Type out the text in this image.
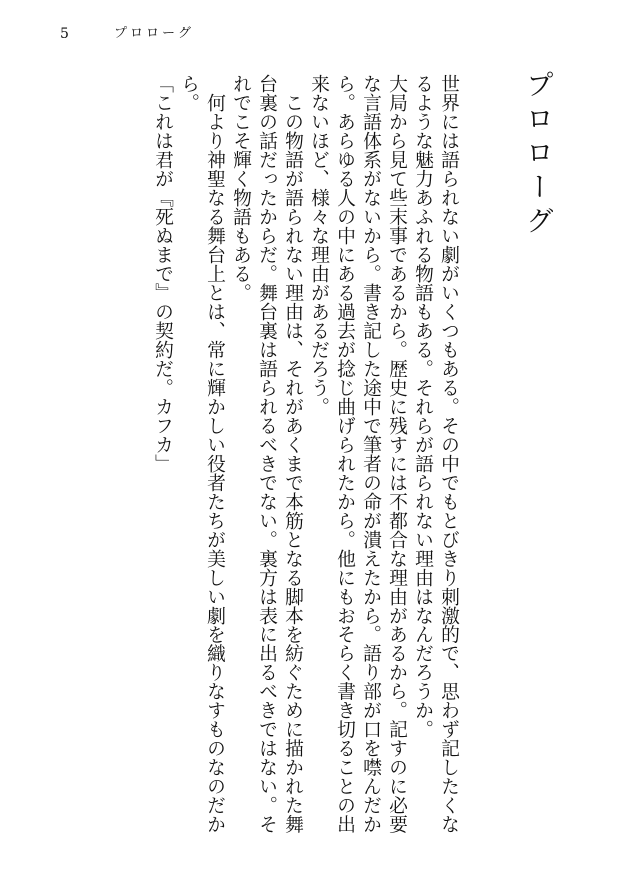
5	プロローグ
プロローグ

世界には語られない劇がいくつもある。その中でもとびきり刺激的で、思わず記したくなるような魅力あふれる物語もある。それらが語られない理由はなんだろうか。

大局から見て些末事であるから。歴史に残すには不都合な理由があるから。記すのに必要な言語体系がないから。書き記した途中で筆者の命が潰えたから。語り部が口を噤んだから。あらゆる人の中にある過去が捻じ曲げられたから。他にもおそらく書き切ることの出来ないほど、様々な理由があるだろう。

この物語が語られない理由は、それがあくまで本筋となる脚本を紡ぐために描かれた舞台裏の話だったからだ。舞台裏は語られるべきでない。裏方は表に出るべきではない。それでこそ輝く物語もある。

何より神聖なる舞台上とは、常に輝かしい役者たちが美しい劇を織りなすものなのだから。

「これは君が『死ぬまで』の契約だ。カフカ」
